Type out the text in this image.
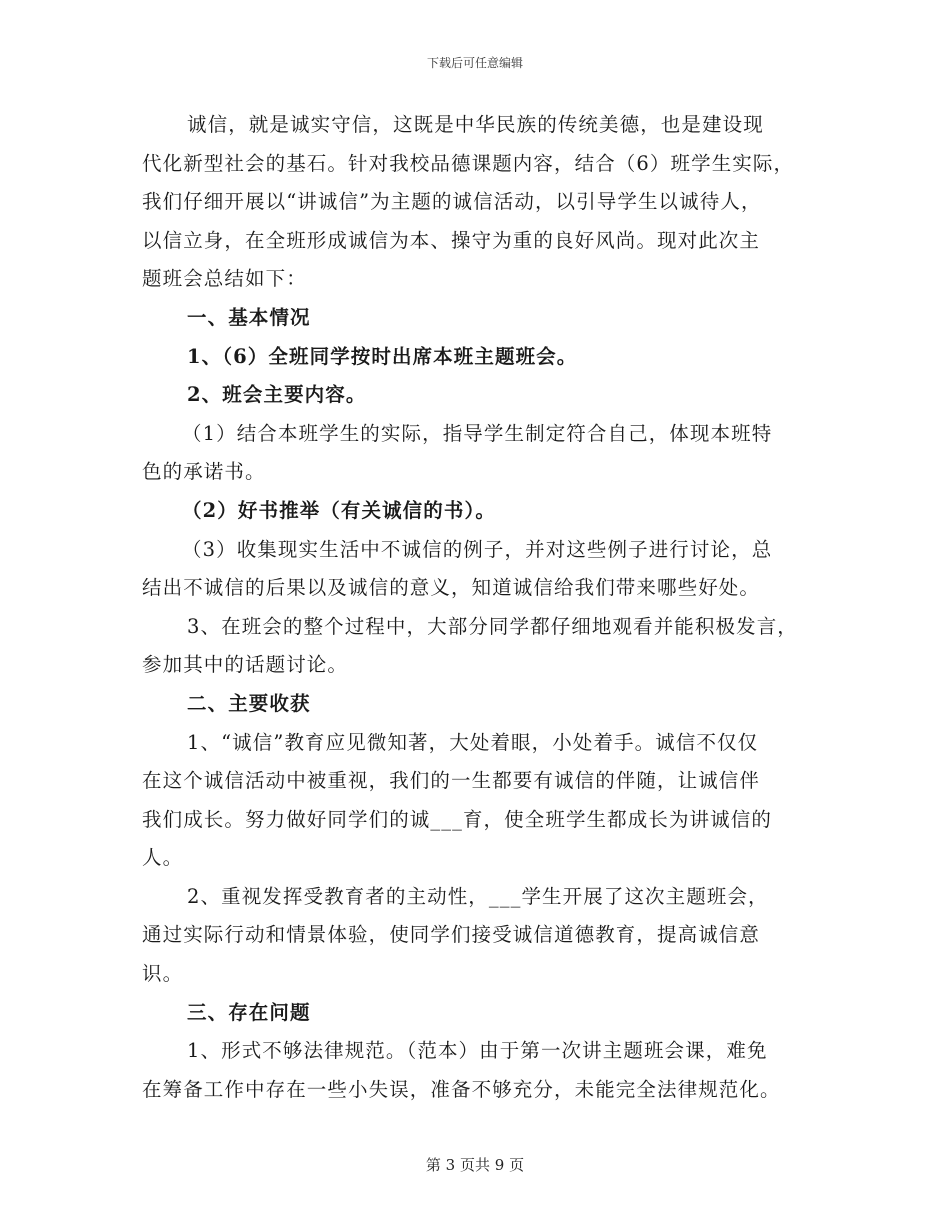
下载后可任意编辑

诚信，就是诚实守信，这既是中华民族的传统美德，也是建设现

代化新型社会的基石。针对我校品德课题内容，结合（6）班学生实际，

我们仔细开展以“讲诚信”为主题的诚信活动，以引导学生以诚待人，

以信立身，在全班形成诚信为本、操守为重的良好风尚。现对此次主

题班会总结如下：

一、基本情况

1、（6）全班同学按时出席本班主题班会。

2、班会主要内容。

（1）结合本班学生的实际，指导学生制定符合自己，体现本班特

色的承诺书。

（2）好书推举（有关诚信的书）。

（3）收集现实生活中不诚信的例子，并对这些例子进行讨论，总

结出不诚信的后果以及诚信的意义，知道诚信给我们带来哪些好处。

3、在班会的整个过程中，大部分同学都仔细地观看并能积极发言，

参加其中的话题讨论。

二、主要收获

1、“诚信”教育应见微知著，大处着眼，小处着手。诚信不仅仅

在这个诚信活动中被重视，我们的一生都要有诚信的伴随，让诚信伴

我们成长。努力做好同学们的诚___育，使全班学生都成长为讲诚信的

人。

2、重视发挥受教育者的主动性，___学生开展了这次主题班会，

通过实际行动和情景体验，使同学们接受诚信道德教育，提高诚信意

识。

三、存在问题

1、形式不够法律规范。（范本）由于第一次讲主题班会课，难免

在筹备工作中存在一些小失误，准备不够充分，未能完全法律规范化。

第 3 页共 9 页
